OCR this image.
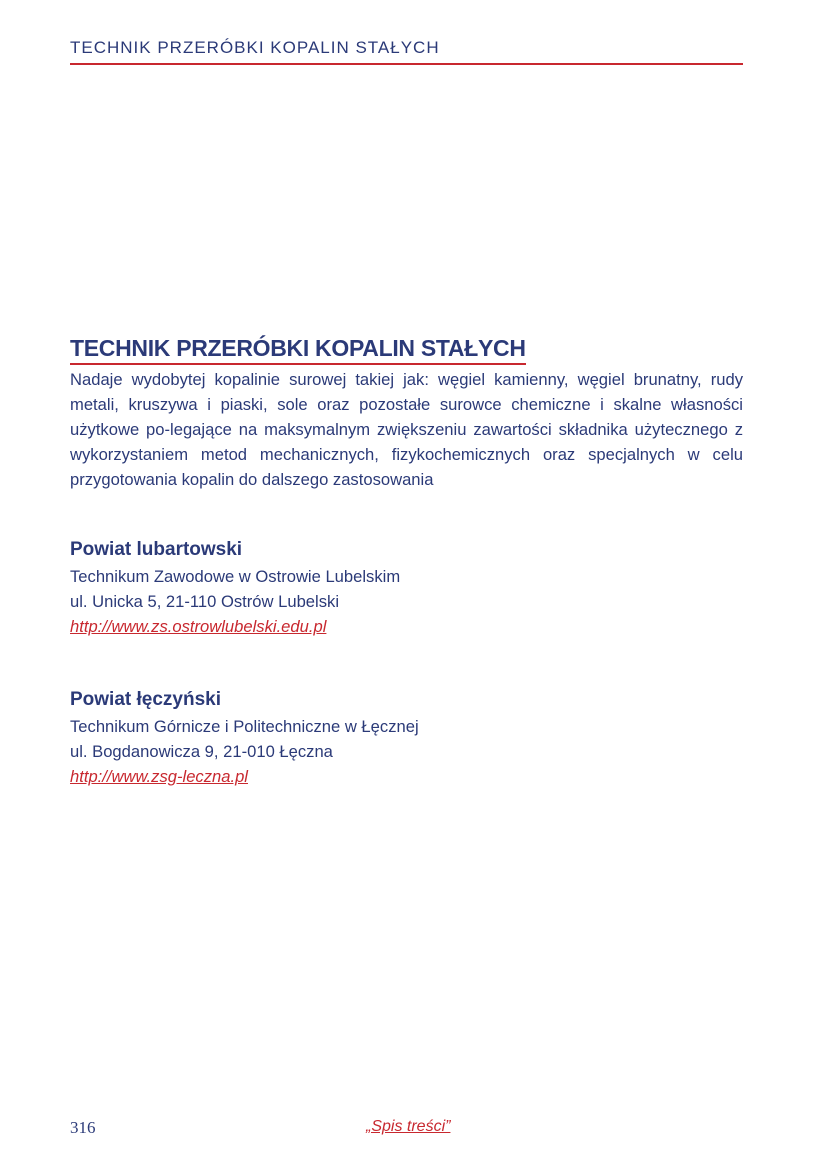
TECHNIK PRZERÓBKI KOPALIN STAŁYCH
TECHNIK PRZERÓBKI KOPALIN STAŁYCH

Nadaje wydobytej kopalinie surowej takiej jak: węgiel kamienny, węgiel brunatny, rudy metali, kruszywa i piaski, sole oraz pozostałe surowce chemiczne i skalne własności użytkowe po-legające na maksymalnym zwiększeniu zawartości składnika użytecznego z wykorzystaniem metod mechanicznych, fizykochemicznych oraz specjalnych w celu przygotowania kopalin do dalszego zastosowania

Powiat lubartowski
Technikum Zawodowe w Ostrowie Lubelskim
ul. Unicka 5, 21-110 Ostrów Lubelski
http://www.zs.ostrowlubelski.edu.pl
Powiat łęczyński
Technikum Górnicze i Politechniczne w Łęcznej
ul. Bogdanowicza 9, 21-010 Łęczna
http://www.zsg-leczna.pl
316	„Spis treści”
